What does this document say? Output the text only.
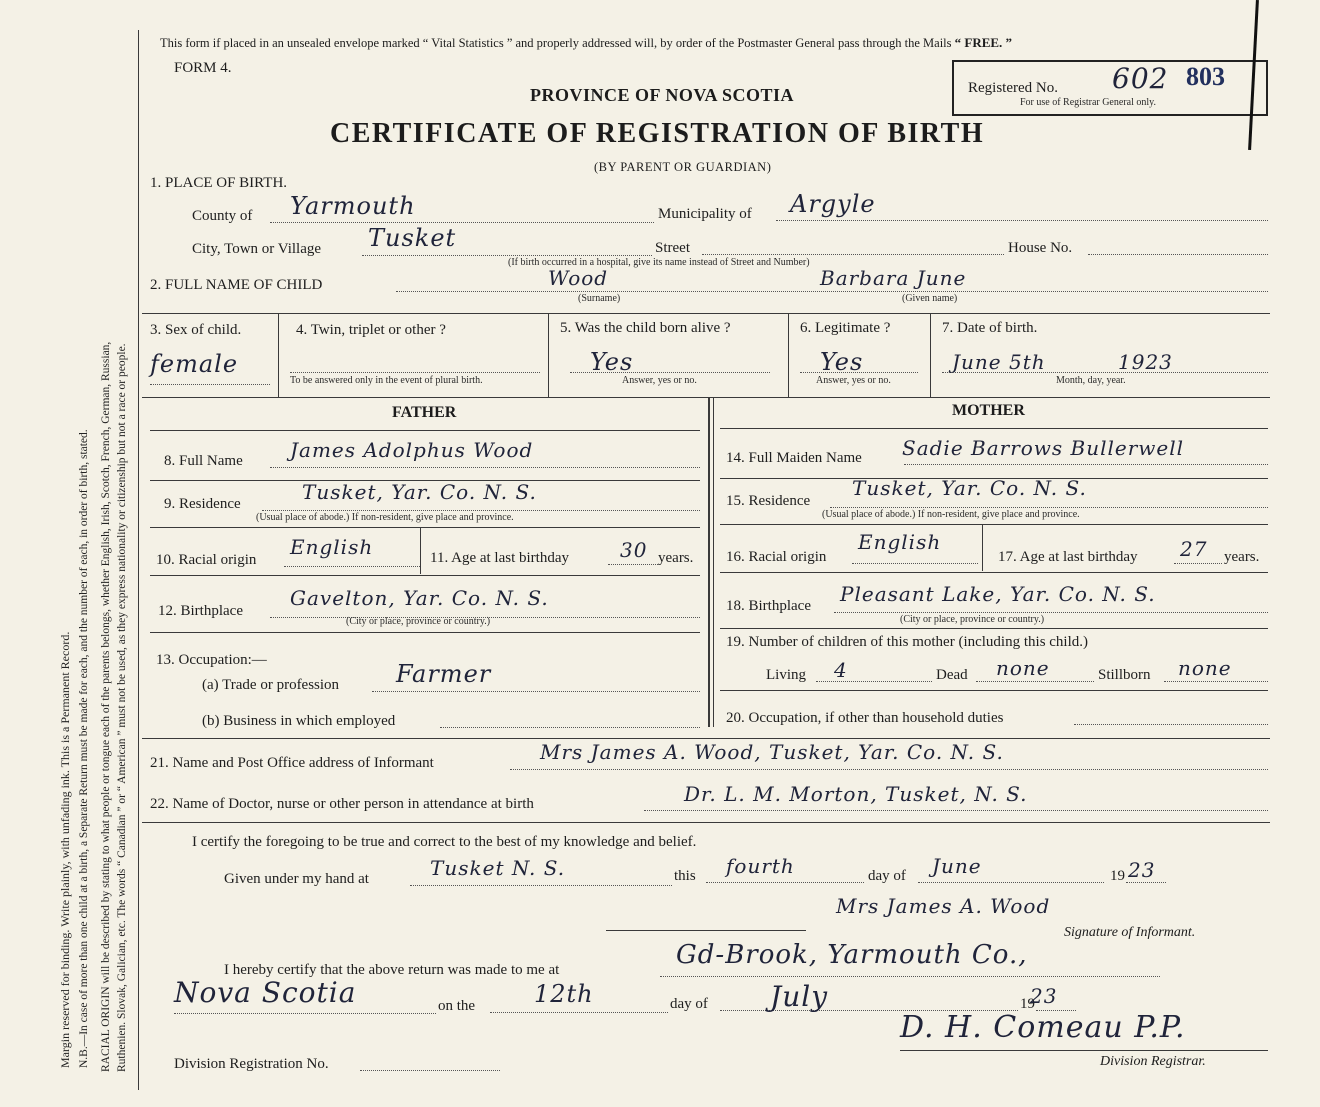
Margin reserved for binding. Write plainly, with unfading ink. This is a Permanent Record. N.B.—In case of more than one child at a birth, a Separate Return must be made for each, and the number of each, in order of birth, stated. RACIAL ORIGIN will be described by stating to what people or tongue each of the parents belongs, whether English, Irish, Scotch, French, German, Russian, Ruthenien. Slovak, Galician, etc. The words “ Canadian ” or “ American ” must not be used, as they express nationality or citizenship but not a race or people.
This form if placed in an unsealed envelope marked “ Vital Statistics ” and properly addressed will, by order of the Postmaster General pass through the Mails “ FREE. ”
FORM 4.
PROVINCE OF NOVA SCOTIA
CERTIFICATE OF REGISTRATION OF BIRTH
(BY PARENT OR GUARDIAN)
Registered No. 602 803
For use of Registrar General only.
1. PLACE OF BIRTH.
County of Yarmouth	Municipality of Argyle
City, Town or Village Tusket	Street	House No.
(If birth occurred in a hospital, give its name instead of Street and Number)
2. FULL NAME OF CHILD	Wood
(Surname)
Barbara June
(Given name)
3. Sex of child.
female
4. Twin, triplet or other ?
To be answered only in the event of plural birth.
5. Was the child born alive ?
Yes
Answer, yes or no.
6. Legitimate ?
Yes
Answer, yes or no.
7. Date of birth.
June 5th	1923
Month, day, year.
FATHER	MOTHER
8. Full Name James Adolphus Wood
9. Residence	Tusket, Yar. Co. N. S.
(Usual place of abode.) If non-resident, give place and province.
10. Racial origin
English	11. Age at last birthday	30 years.
12. Birthplace
Gavelton, Yar. Co. N. S.
(City or place, province or country.)
13. Occupation:—
(a) Trade or profession Farmer
(b) Business in which employed
14. Full Maiden Name Sadie Barrows Bullerwell
15. Residence
Tusket, Yar. Co. N. S.
(Usual place of abode.) If non-resident, give place and province.
16. Racial origin
English
17. Age at last birthday 27 years.
18. Birthplace Pleasant Lake, Yar. Co. N. S.
(City or place, province or country.)
19. Number of children of this mother (including this child.)
Living 4	Dead none	Stillborn none
20. Occupation, if other than household duties
21. Name and Post Office address of Informant	Mrs James A. Wood, Tusket, Yar. Co. N. S.
22. Name of Doctor, nurse or other person in attendance at birth	Dr. L. M. Morton, Tusket, N. S.
I certify the foregoing to be true and correct to the best of my knowledge and belief.
Given under my hand at	Tusket N. S.	this fourth	day of June	19 23
Mrs James A. Wood
Signature of Informant.
I hereby certify that the above return was made to me at	Gd-Brook, Yarmouth Co.,
Nova Scotia	on the 12th	day of July	19
23
D. H. Comeau P.P.
Division Registrar.
Division Registration No.
